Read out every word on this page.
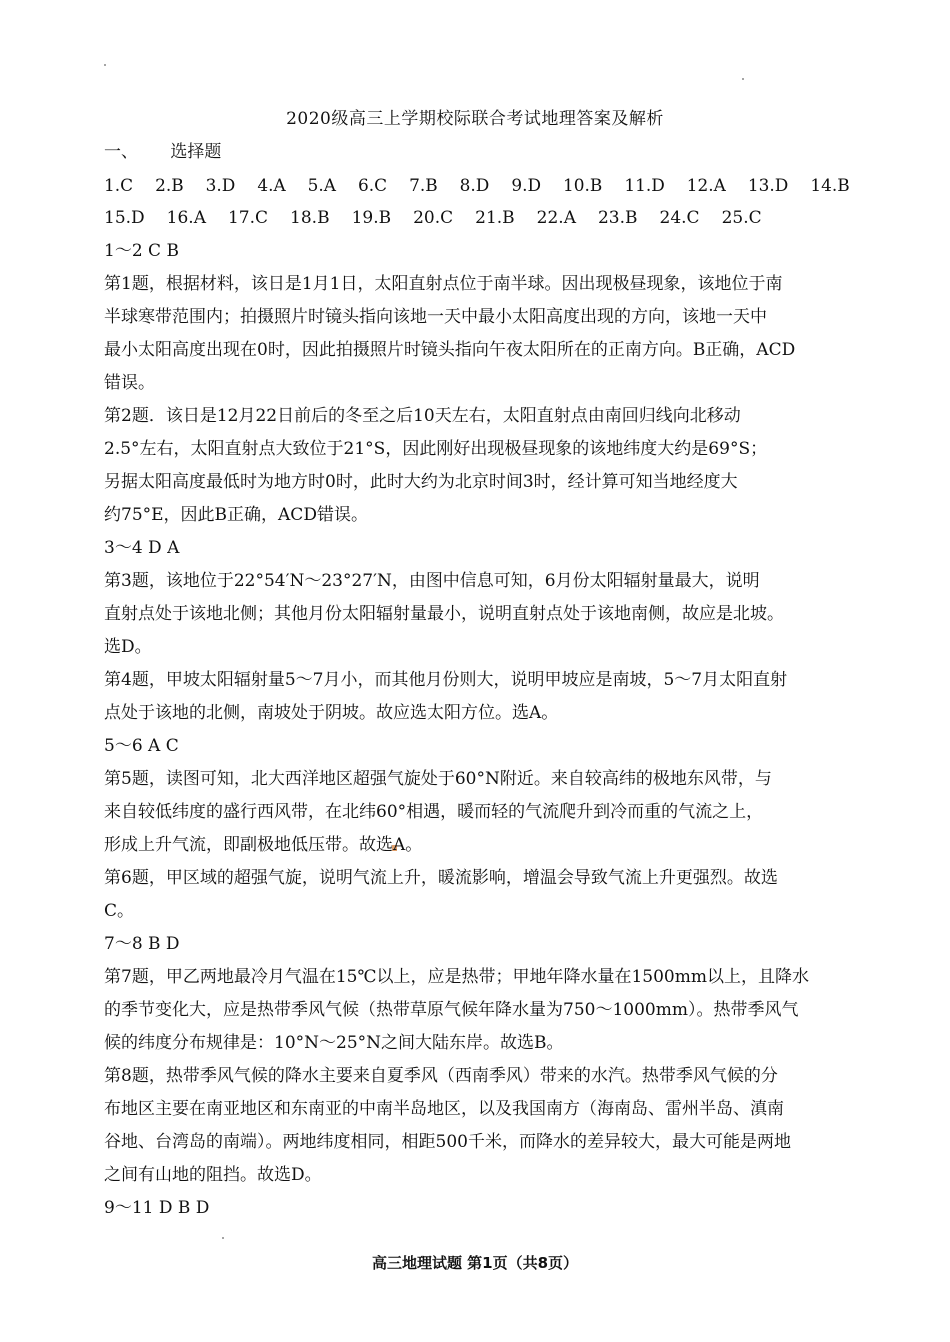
2020级高三上学期校际联合考试地理答案及解析
一、      选择题
1.C 2.B 3.D 4.A 5.A 6.C 7.B 8.D 9.D 10.B 11.D 12.A 13.D 14.B
15.D 16.A 17.C 18.B 19.B 20.C 21.B 22.A 23.B 24.C 25.C
1～2 C B
第1题，根据材料，该日是1月1日，太阳直射点位于南半球。因出现极昼现象，该地位于南
半球寒带范围内；拍摄照片时镜头指向该地一天中最小太阳高度出现的方向，该地一天中
最小太阳高度出现在0时，因此拍摄照片时镜头指向午夜太阳所在的正南方向。B正确，ACD
错误。
第2题．该日是12月22日前后的冬至之后10天左右，太阳直射点由南回归线向北移动
2.5°左右，太阳直射点大致位于21°S，因此刚好出现极昼现象的该地纬度大约是69°S；
另据太阳高度最低时为地方时0时，此时大约为北京时间3时，经计算可知当地经度大
约75°E，因此B正确，ACD错误。
3～4 D A
第3题，该地位于22°54′N～23°27′N，由图中信息可知，6月份太阳辐射量最大，说明
直射点处于该地北侧；其他月份太阳辐射量最小，说明直射点处于该地南侧，故应是北坡。
选D。
第4题，甲坡太阳辐射量5～7月小，而其他月份则大，说明甲坡应是南坡，5～7月太阳直射
点处于该地的北侧，南坡处于阴坡。故应选太阳方位。选A。
5～6 A C
第5题，读图可知，北大西洋地区超强气旋处于60°N附近。来自较高纬的极地东风带，与
来自较低纬度的盛行西风带，在北纬60°相遇，暖而轻的气流爬升到冷而重的气流之上，
形成上升气流，即副极地低压带。故选A。
第6题，甲区域的超强气旋，说明气流上升，暖流影响，增温会导致气流上升更强烈。故选
C。
7～8 B D
第7题，甲乙两地最冷月气温在15℃以上，应是热带；甲地年降水量在1500mm以上，且降水
的季节变化大，应是热带季风气候（热带草原气候年降水量为750～1000mm）。热带季风气
候的纬度分布规律是：10°N～25°N之间大陆东岸。故选B。
第8题，热带季风气候的降水主要来自夏季风（西南季风）带来的水汽。热带季风气候的分
布地区主要在南亚地区和东南亚的中南半岛地区，以及我国南方（海南岛、雷州半岛、滇南
谷地、台湾岛的南端）。两地纬度相同，相距500千米，而降水的差异较大，最大可能是两地
之间有山地的阻挡。故选D。
9～11 D B D
高三地理试题 第1页（共8页）
